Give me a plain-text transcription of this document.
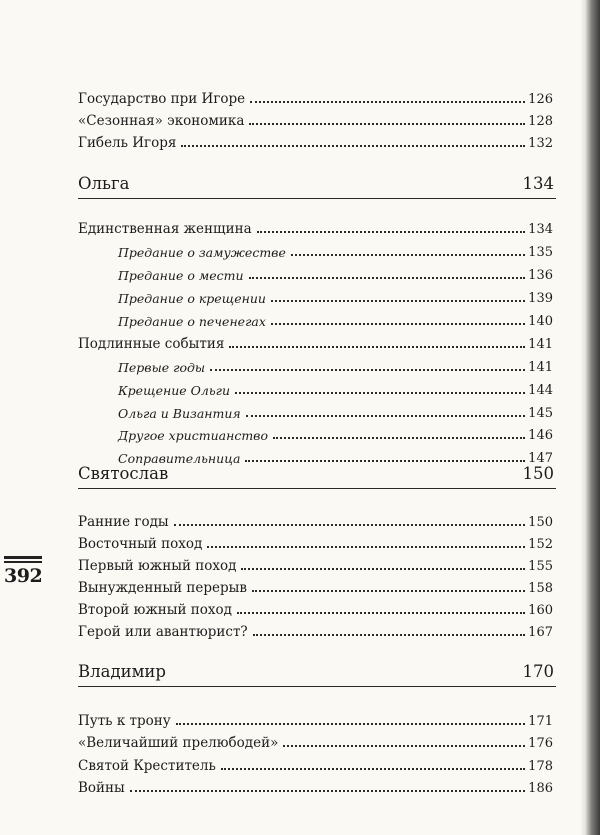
392
Государство при Игоре	126
«Сезонная» экономика	128
Гибель Игоря	132
Ольга	134
Единственная женщина	134
Предание о замужестве	135
Предание о мести	136
Предание о крещении	139
Предание о печенегах	140
Подлинные события	141
Первые годы	141
Крещение Ольги	144
Ольга и Византия	145
Другое христианство	146
Соправительница	147
Святослав	150
Ранние годы	150
Восточный поход	152
Первый южный поход	155
Вынужденный перерыв	158
Второй южный поход	160
Герой или авантюрист?	167
Владимир	170
Путь к трону	171
«Величайший прелюбодей»	176
Святой Креститель	178
Войны	186
